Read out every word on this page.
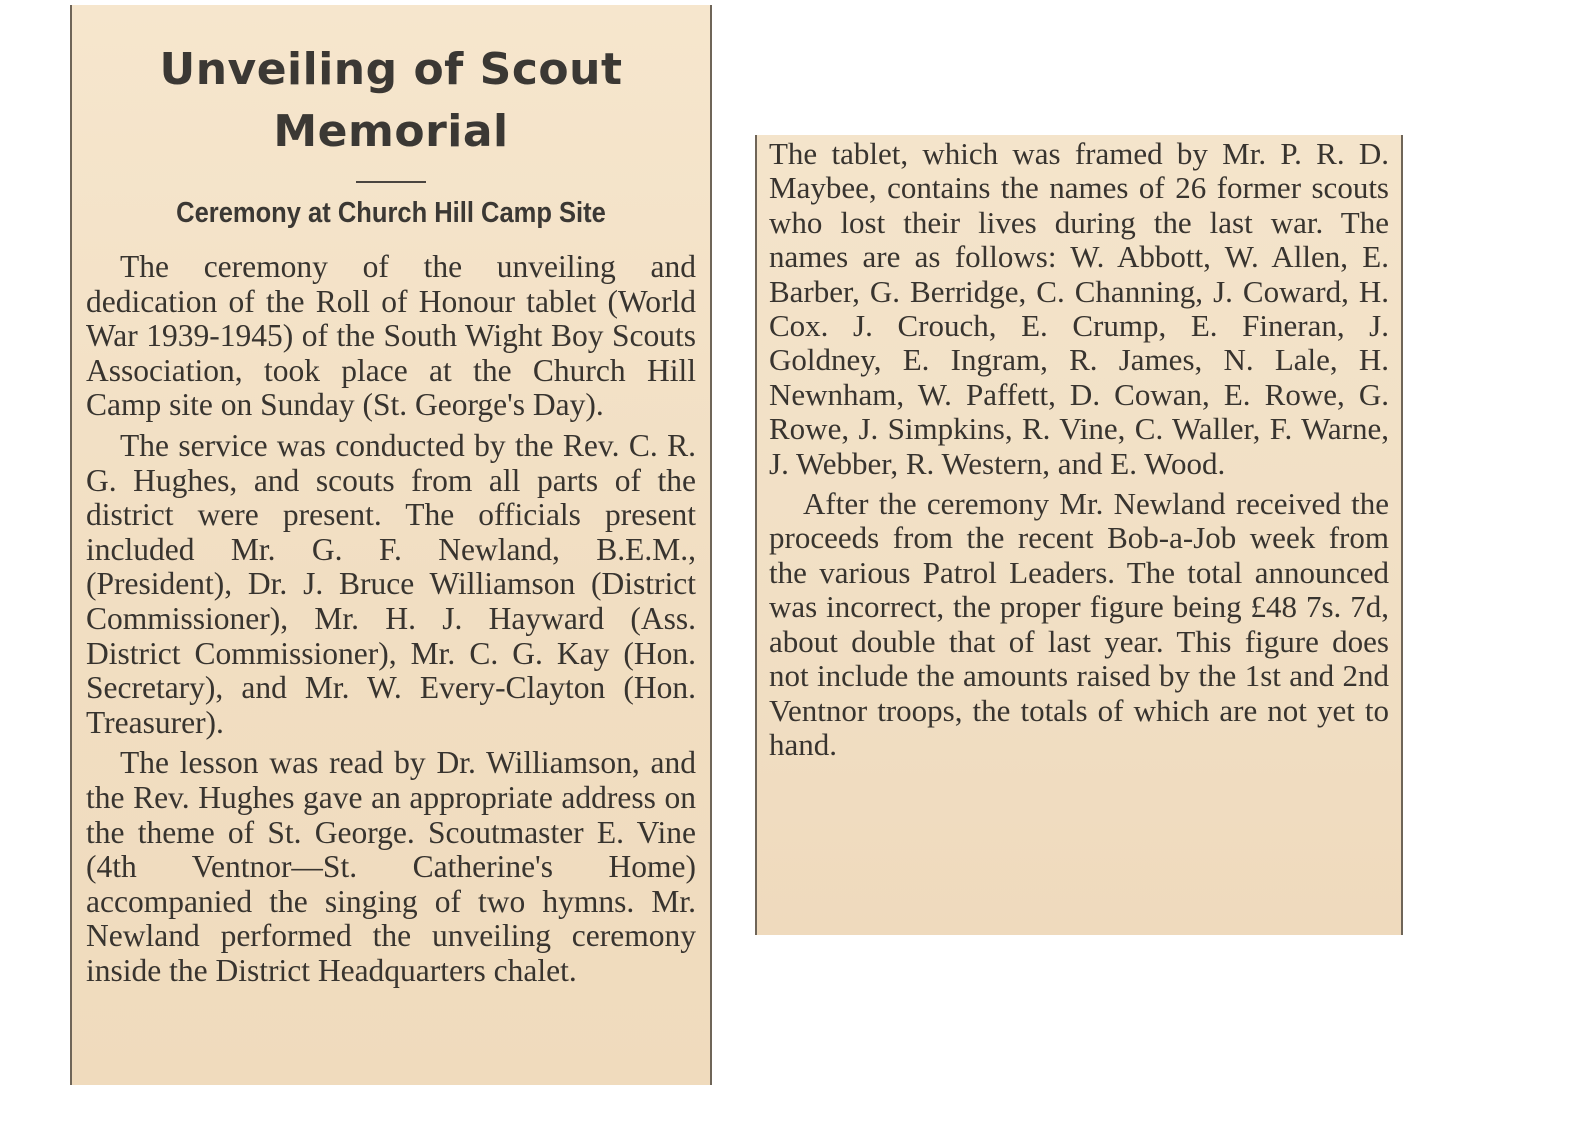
Unveiling of Scout Memorial
Ceremony at Church Hill Camp Site

The ceremony of the unveiling and dedication of the Roll of Honour tablet (World War 1939-1945) of the South Wight Boy Scouts Association, took place at the Church Hill Camp site on Sunday (St. George's Day).

The service was conducted by the Rev. C. R. G. Hughes, and scouts from all parts of the district were present. The officials present included Mr. G. F. Newland, B.E.M., (President), Dr. J. Bruce Williamson (District Commissioner), Mr. H. J. Hayward (Ass. District Commissioner), Mr. C. G. Kay (Hon. Secretary), and Mr. W. Every-Clayton (Hon. Treasurer).

The lesson was read by Dr. Williamson, and the Rev. Hughes gave an appropriate address on the theme of St. George. Scoutmaster E. Vine (4th Ventnor—St. Catherine's Home) accompanied the singing of two hymns. Mr. Newland performed the unveiling ceremony inside the District Headquarters chalet.

The tablet, which was framed by Mr. P. R. D. Maybee, contains the names of 26 former scouts who lost their lives during the last war. The names are as follows: W. Abbott, W. Allen, E. Barber, G. Berridge, C. Channing, J. Coward, H. Cox. J. Crouch, E. Crump, E. Fineran, J. Goldney, E. Ingram, R. James, N. Lale, H. Newnham, W. Paffett, D. Cowan, E. Rowe, G. Rowe, J. Simpkins, R. Vine, C. Waller, F. Warne, J. Webber, R. Western, and E. Wood.

After the ceremony Mr. Newland received the proceeds from the recent Bob-a-Job week from the various Patrol Leaders. The total announced was incorrect, the proper figure being £48 7s. 7d, about double that of last year. This figure does not include the amounts raised by the 1st and 2nd Ventnor troops, the totals of which are not yet to hand.
